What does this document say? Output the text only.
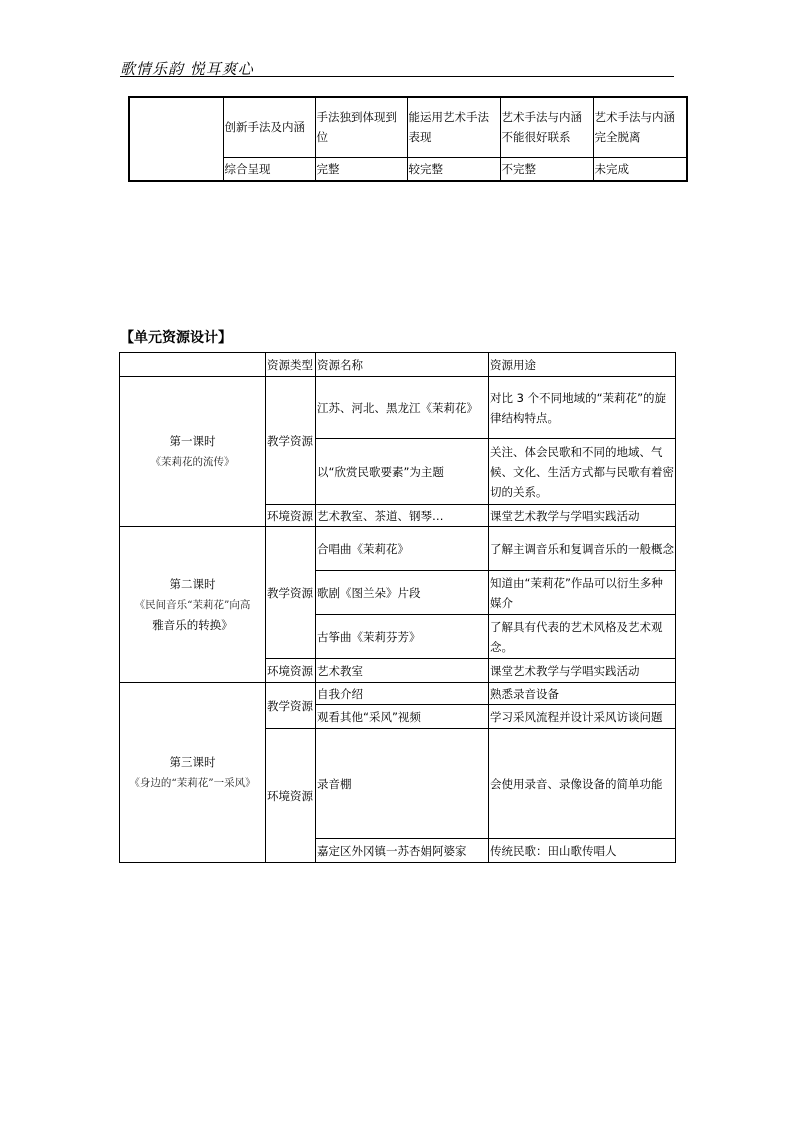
歌情乐韵 悦耳爽心
	创新手法及内涵	手法独到体现到位	能运用艺术手法表现	艺术手法与内涵不能很好联系	艺术手法与内涵完全脱离
	综合呈现	完整	较完整	不完整	未完成
【单元资源设计】
	资源类型	资源名称	资源用途

第一课时
《茉莉花的流传》	教学资源	江苏、河北、黑龙江《茉莉花》	对比 3 个不同地域的“茉莉花”的旋律结构特点。
		以“欣赏民歌要素”为主题	关注、体会民歌和不同的地域、气候、文化、生活方式都与民歌有着密切的关系。
	环境资源	艺术教室、茶道、钢琴…	课堂艺术教学与学唱实践活动

第二课时
《民间音乐“茉莉花”向高

雅音乐的转换》	教学资源	合唱曲《茉莉花》	了解主调音乐和复调音乐的一般概念
		歌剧《图兰朵》片段	知道由“茉莉花”作品可以衍生多种媒介
		古筝曲《茉莉芬芳》	了解具有代表的艺术风格及艺术观念。
	环境资源	艺术教室	课堂艺术教学与学唱实践活动

第三课时
《身边的“茉莉花”一采风》	教学资源	自我介绍	熟悉录音设备
		观看其他“采风”视频	学习采风流程并设计采风访谈问题
	环境资源	录音棚	会使用录音、录像设备的简单功能
		嘉定区外冈镇一苏杏娟阿婆家	传统民歌：田山歌传唱人
